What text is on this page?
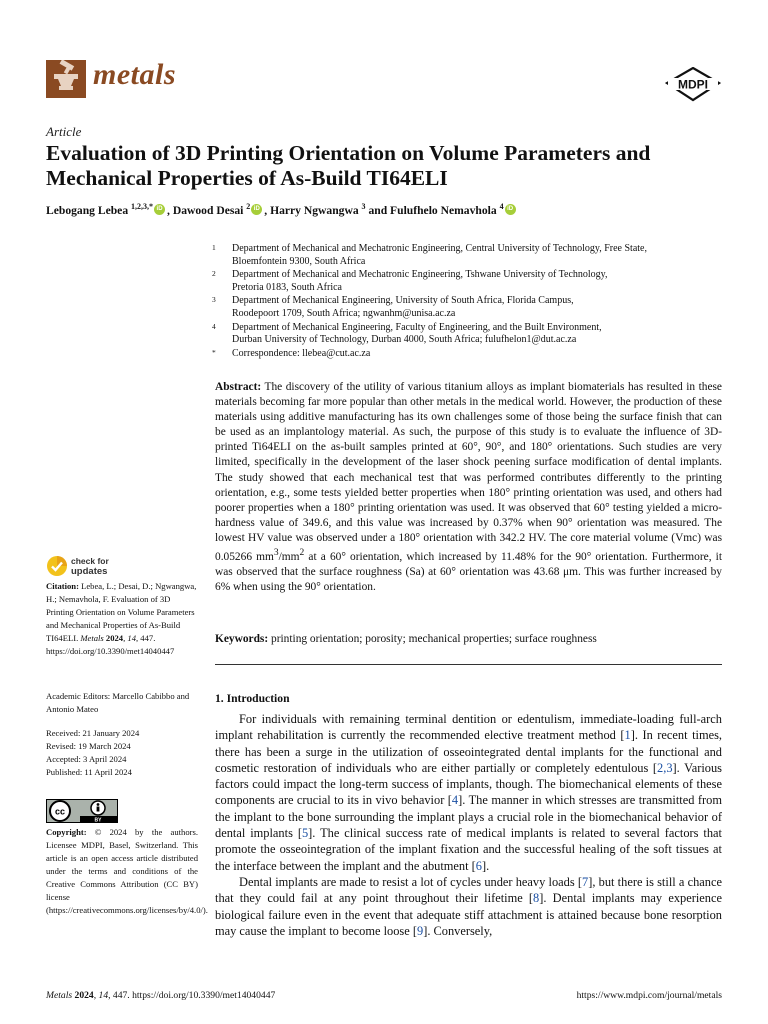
metals	MDPI
Article
Evaluation of 3D Printing Orientation on Volume Parameters and Mechanical Properties of As-Build TI64ELI
Lebogang Lebea $^{1,2,3,*}$ iD , Dawood Desai $^2$ iD , Harry Ngwangwa $^3$ and Fulufhelo Nemavhola $^4$iD
1	Department of Mechanical and Mechatronic Engineering, Central University of Technology, Free State,
Bloemfontein 9300, South Africa
2	Department of Mechanical and Mechatronic Engineering, Tshwane University of Technology,
Pretoria 0183, South Africa
3	Department of Mechanical Engineering, University of South Africa, Florida Campus,
Roodepoort 1709, South Africa; ngwanhm@unisa.ac.za
4	Department of Mechanical Engineering, Faculty of Engineering, and the Built Environment,
Durban University of Technology, Durban 4000, South Africa; fulufhelon1@dut.ac.za
*	Correspondence: llebea@cut.ac.za
Abstract: The discovery of the utility of various titanium alloys as implant biomaterials has resulted in these materials becoming far more popular than other metals in the medical world. However, the production of these materials using additive manufacturing has its own challenges some of those being the surface finish that can be used as an implantology material. As such, the purpose of this study is to evaluate the influence of 3D-printed Ti64ELI on the as-built samples printed at 60°, 90°, and 180° orientations. Such studies are very limited, specifically in the development of the laser shock peening surface modification of dental implants. The study showed that each mechanical test that was performed contributes differently to the printing orientation, e.g., some tests yielded better properties when 180° printing orientation was used, and others had poorer properties when a 180° printing orientation was used. It was observed that 60° testing yielded a micro-hardness value of 349.6, and this value was increased by 0.37% when 90° orientation was measured. The lowest HV value was observed under a 180° orientation with 342.2 HV. The core material volume (Vmc) was 0.05266 $mm^3/mm^2$ at a 60° orientation, which increased by 11.48% for the 90° orientation. Furthermore, it was observed that the surface roughness (Sa) at 60° orientation was 43.68 μm. This was further increased by 6% when using the 90° orientation.
Keywords: printing orientation; porosity; mechanical properties; surface roughness
1. Introduction

For individuals with remaining terminal dentition or edentulism, immediate-loading full-arch implant rehabilitation is currently the recommended elective treatment method [1]. In recent times, there has been a surge in the utilization of osseointegrated dental implants for the functional and cosmetic restoration of individuals who are either partially or completely edentulous [2,3]. Various factors could impact the long-term success of implants, though. The biomechanical elements of these components are crucial to its in vivo behavior [4]. The manner in which stresses are transmitted from the implant to the bone surrounding the implant plays a crucial role in the biomechanical behavior of dental implants [5]. The clinical success rate of medical implants is related to several factors that promote the osseointegration of the implant fixation and the successful healing of the soft tissues at the interface between the implant and the abutment [6].

Dental implants are made to resist a lot of cycles under heavy loads [7], but there is still a chance that they could fail at any point throughout their lifetime [8]. Dental implants may experience biological failure even in the event that adequate stiff attachment is attained because bone resorption may cause the implant to become loose [9]. Conversely,

check for
updates
Citation: Lebea, L.; Desai, D.; Ngwangwa, H.; Nemavhola, F. Evaluation of 3D Printing Orientation on Volume Parameters and Mechanical Properties of As-Build TI64ELI. Metals 2024, 14, 447. https://doi.org/10.3390/met14040447
Academic Editors: Marcello Cabibbo and Antonio Mateo
Received: 21 January 2024
Revised: 19 March 2024
Accepted: 3 April 2024
Published: 11 April 2024
cc
BY
Copyright: © 2024 by the authors. Licensee MDPI, Basel, Switzerland. This article is an open access article distributed under the terms and conditions of the Creative Commons Attribution (CC BY) license (https://creativecommons.org/licenses/by/4.0/).
Metals 2024, 14, 447. https://doi.org/10.3390/met14040447	https://www.mdpi.com/journal/metals
